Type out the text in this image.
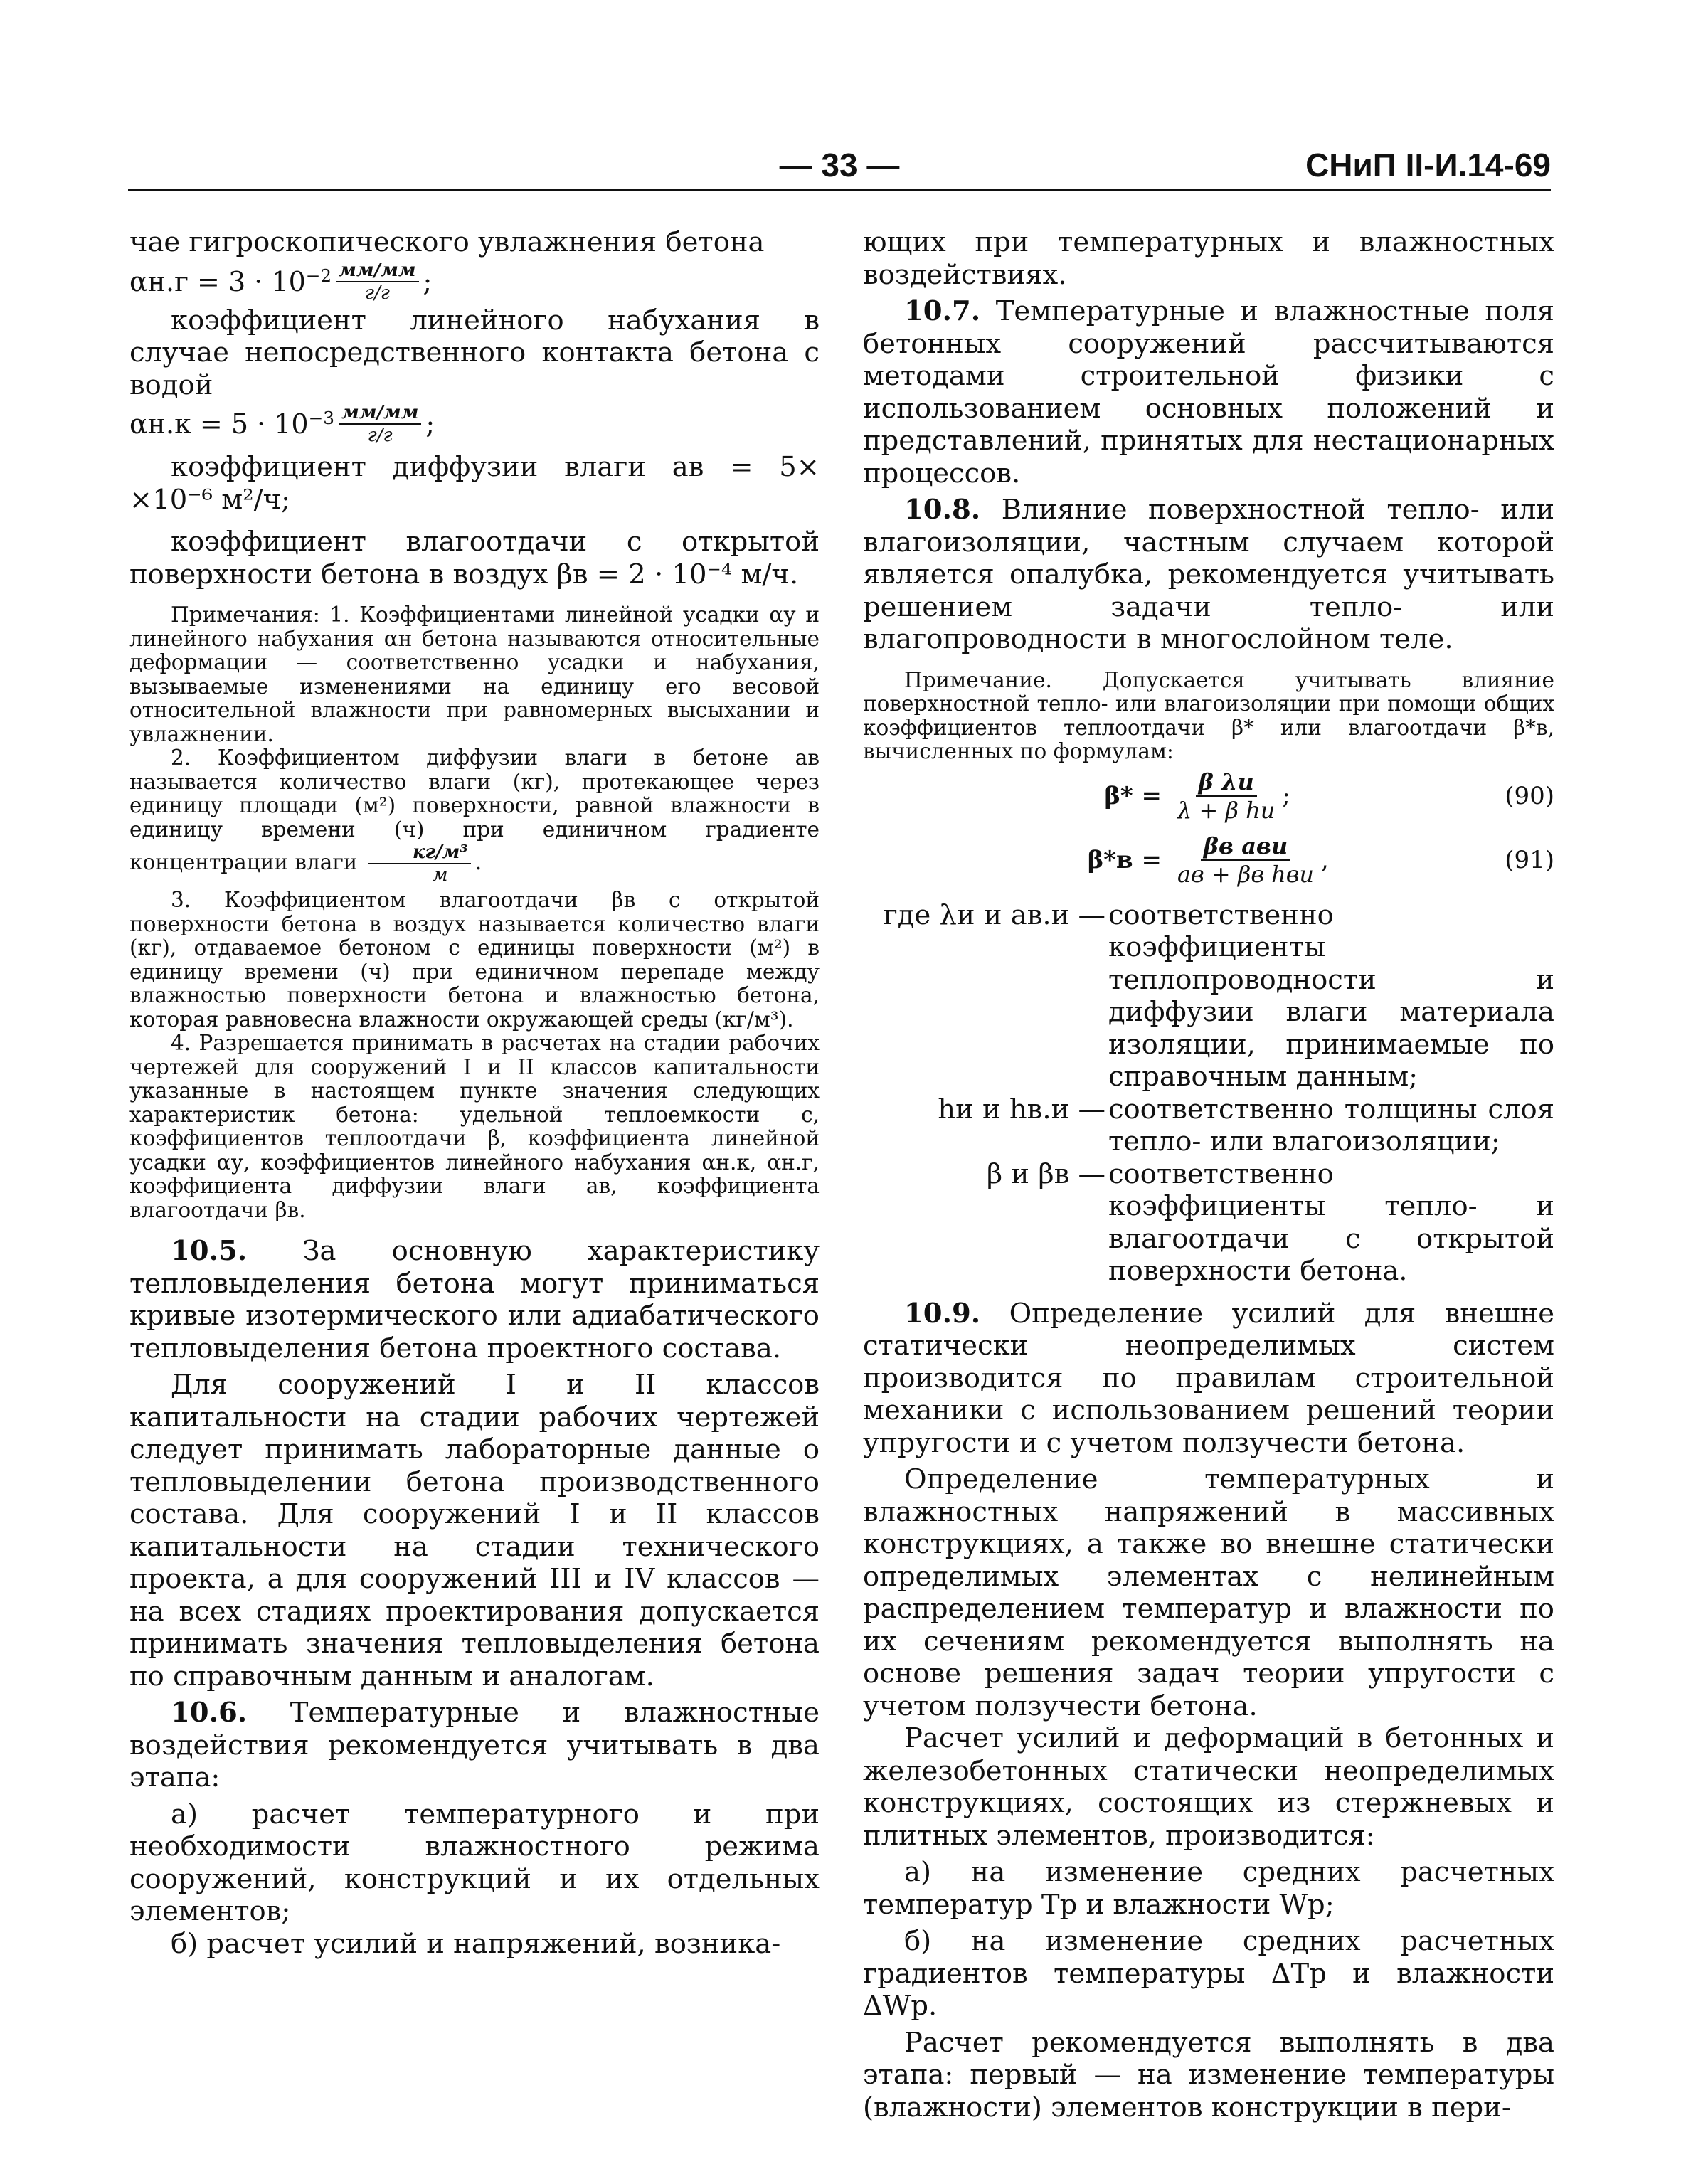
— 33 —	СНиП II-И.14-69

чае гигроскопического увлажнения бетона

$\alpha н.г = 3 \cdot 10^{-2} \frac{мм/мм}{г/г}$ ;

коэффициент линейного набухания в случае непосредственного контакта бетона с водой

$\alpha н.к = 5 \cdot 10^{-3} \frac{мм/мм}{г/г}$ ;

коэффициент диффузии влаги aв = 5× ×10⁻⁶ м²/ч;

коэффициент влагоотдачи с открытой поверхности бетона в воздух βв = 2 · 10⁻⁴ м/ч.

Примечания: 1. Коэффициентами линейной усадки αу и линейного набухания αн бетона называются относительные деформации — соответственно усадки и набухания, вызываемые изменениями на единицу его весовой относительной влажности при равномерных высыхании и увлажнении.

2. Коэффициентом диффузии влаги в бетоне aв называется количество влаги (кг), протекающее через единицу площади (м²) поверхности, равной влажности в единицу времени (ч) при единичном градиенте концентрации влаги $\frac{\text{кг/м³}}{м}$ .

3. Коэффициентом влагоотдачи βв с открытой поверхности бетона в воздух называется количество влаги (кг), отдаваемое бетоном с единицы поверхности (м²) в единицу времени (ч) при единичном перепаде между влажностью поверхности бетона и влажностью бетона, которая равновесна влажности окружающей среды (кг/м³).

4. Разрешается принимать в расчетах на стадии рабочих чертежей для сооружений I и II классов капитальности указанные в настоящем пункте значения следующих характеристик бетона: удельной теплоемкости c, коэффициентов теплоотдачи β, коэффициента линейной усадки αу, коэффициентов линейного набухания αн.к, αн.г, коэффициента диффузии влаги aв, коэффициента влагоотдачи βв.

10.5. За основную характеристику тепловыделения бетона могут приниматься кривые изотермического или адиабатического тепловыделения бетона проектного состава.

Для сооружений I и II классов капитальности на стадии рабочих чертежей следует принимать лабораторные данные о тепловыделении бетона производственного состава. Для сооружений I и II классов капитальности на стадии технического проекта, а для сооружений III и IV классов — на всех стадиях проектирования допускается принимать значения тепловыделения бетона по справочным данным и аналогам.

10.6. Температурные и влажностные воздействия рекомендуется учитывать в два этапа:

а) расчет температурного и при необходимости влажностного режима сооружений, конструкций и их отдельных элементов;

б) расчет усилий и напряжений, возника-

ющих при температурных и влажностных воздействиях.

10.7. Температурные и влажностные поля бетонных сооружений рассчитываются методами строительной физики с использованием основных положений и представлений, принятых для нестационарных процессов.

10.8. Влияние поверхностной тепло- или влагоизоляции, частным случаем которой является опалубка, рекомендуется учитывать решением задачи тепло- или влагопроводности в многослойном теле.

Примечание. Допускается учитывать влияние поверхностной тепло- или влагоизоляции при помощи общих коэффициентов теплоотдачи β* или влагоотдачи β*в, вычисленных по формулам:

$\beta* = \frac{\text{β λи}}{\text{λ + β hи}}$ ;	(90)
$\beta*в = \frac{\text{βв aви}}{\text{aв + βв hви}}$ ,	(91)
где λи и aв.и — соответственно коэффициенты теплопроводности и диффузии влаги материала изоляции, принимаемые по справочным данным;
hи и hв.и — соответственно толщины слоя тепло- или влагоизоляции;
β и βв — соответственно коэффициенты тепло- и влагоотдачи с открытой поверхности бетона.

10.9. Определение усилий для внешне статически неопределимых систем производится по правилам строительной механики с использованием решений теории упругости и с учетом ползучести бетона.

Определение температурных и влажностных напряжений в массивных конструкциях, а также во внешне статически определимых элементах с нелинейным распределением температур и влажности по их сечениям рекомендуется выполнять на основе решения задач теории упругости с учетом ползучести бетона.

Расчет усилий и деформаций в бетонных и железобетонных статически неопределимых конструкциях, состоящих из стержневых и плитных элементов, производится:

а) на изменение средних расчетных температур Tр и влажности Wр;

б) на изменение средних расчетных градиентов температуры ΔTр и влажности ΔWр.

Расчет рекомендуется выполнять в два этапа: первый — на изменение температуры (влажности) элементов конструкции в пери-
